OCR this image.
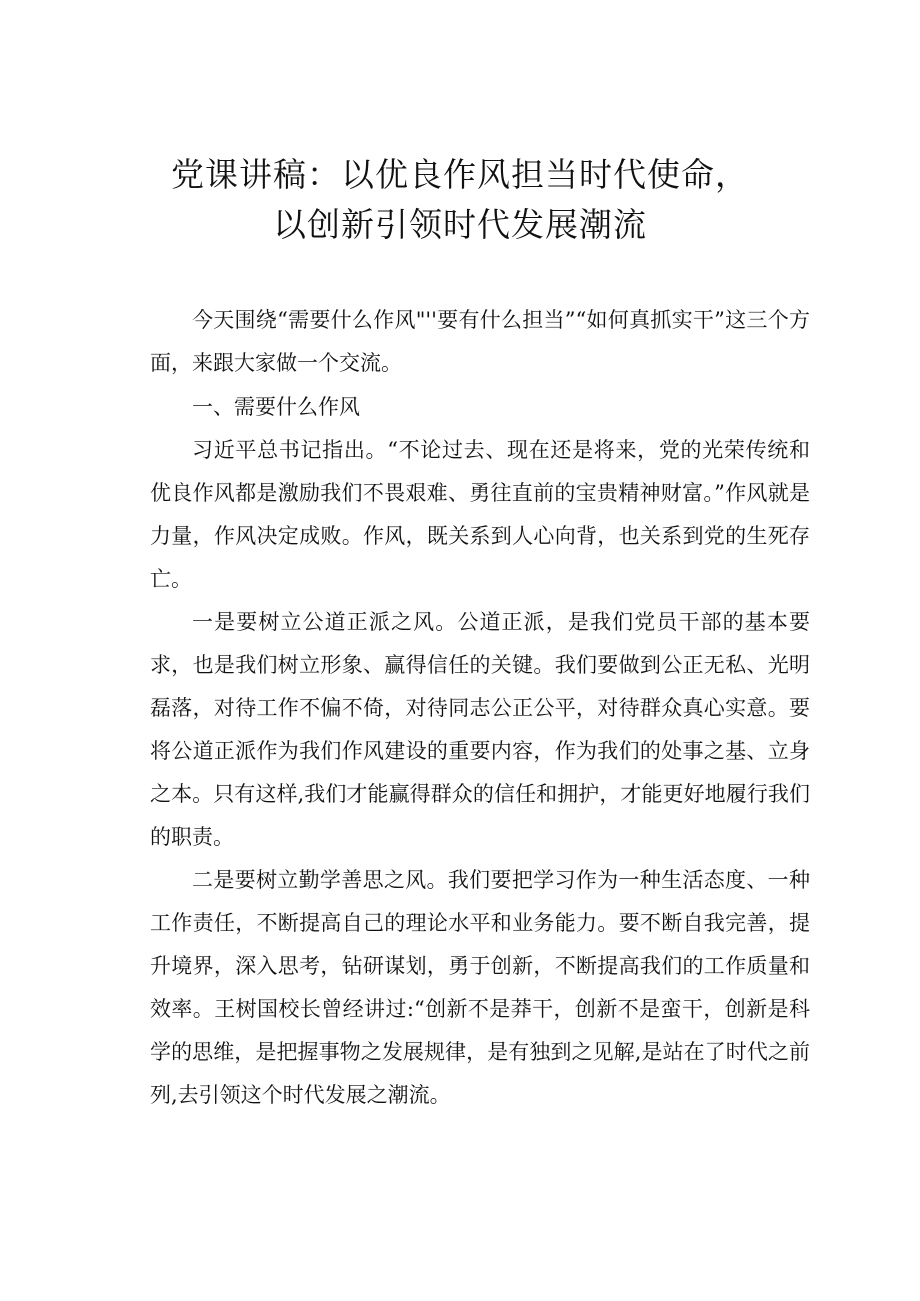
党课讲稿：以优良作风担当时代使命，
以创新引领时代发展潮流

今天围绕“需要什么作风"''要有什么担当”“如何真抓实干”这三个方面，来跟大家做一个交流。

一、需要什么作风

习近平总书记指出。“不论过去、现在还是将来，党的光荣传统和优良作风都是激励我们不畏艰难、勇往直前的宝贵精神财富。”作风就是力量，作风决定成败。作风，既关系到人心向背，也关系到党的生死存亡。

一是要树立公道正派之风。公道正派，是我们党员干部的基本要求，也是我们树立形象、赢得信任的关键。我们要做到公正无私、光明磊落，对待工作不偏不倚，对待同志公正公平，对待群众真心实意。要将公道正派作为我们作风建设的重要内容，作为我们的处事之基、立身之本。只有这样,我们才能赢得群众的信任和拥护，才能更好地履行我们的职责。

二是要树立勤学善思之风。我们要把学习作为一种生活态度、一种工作责任，不断提高自己的理论水平和业务能力。要不断自我完善，提升境界，深入思考，钻研谋划，勇于创新，不断提高我们的工作质量和效率。王树国校长曾经讲过:“创新不是莽干，创新不是蛮干，创新是科学的思维，是把握事物之发展规律，是有独到之见解,是站在了时代之前列,去引领这个时代发展之潮流。
